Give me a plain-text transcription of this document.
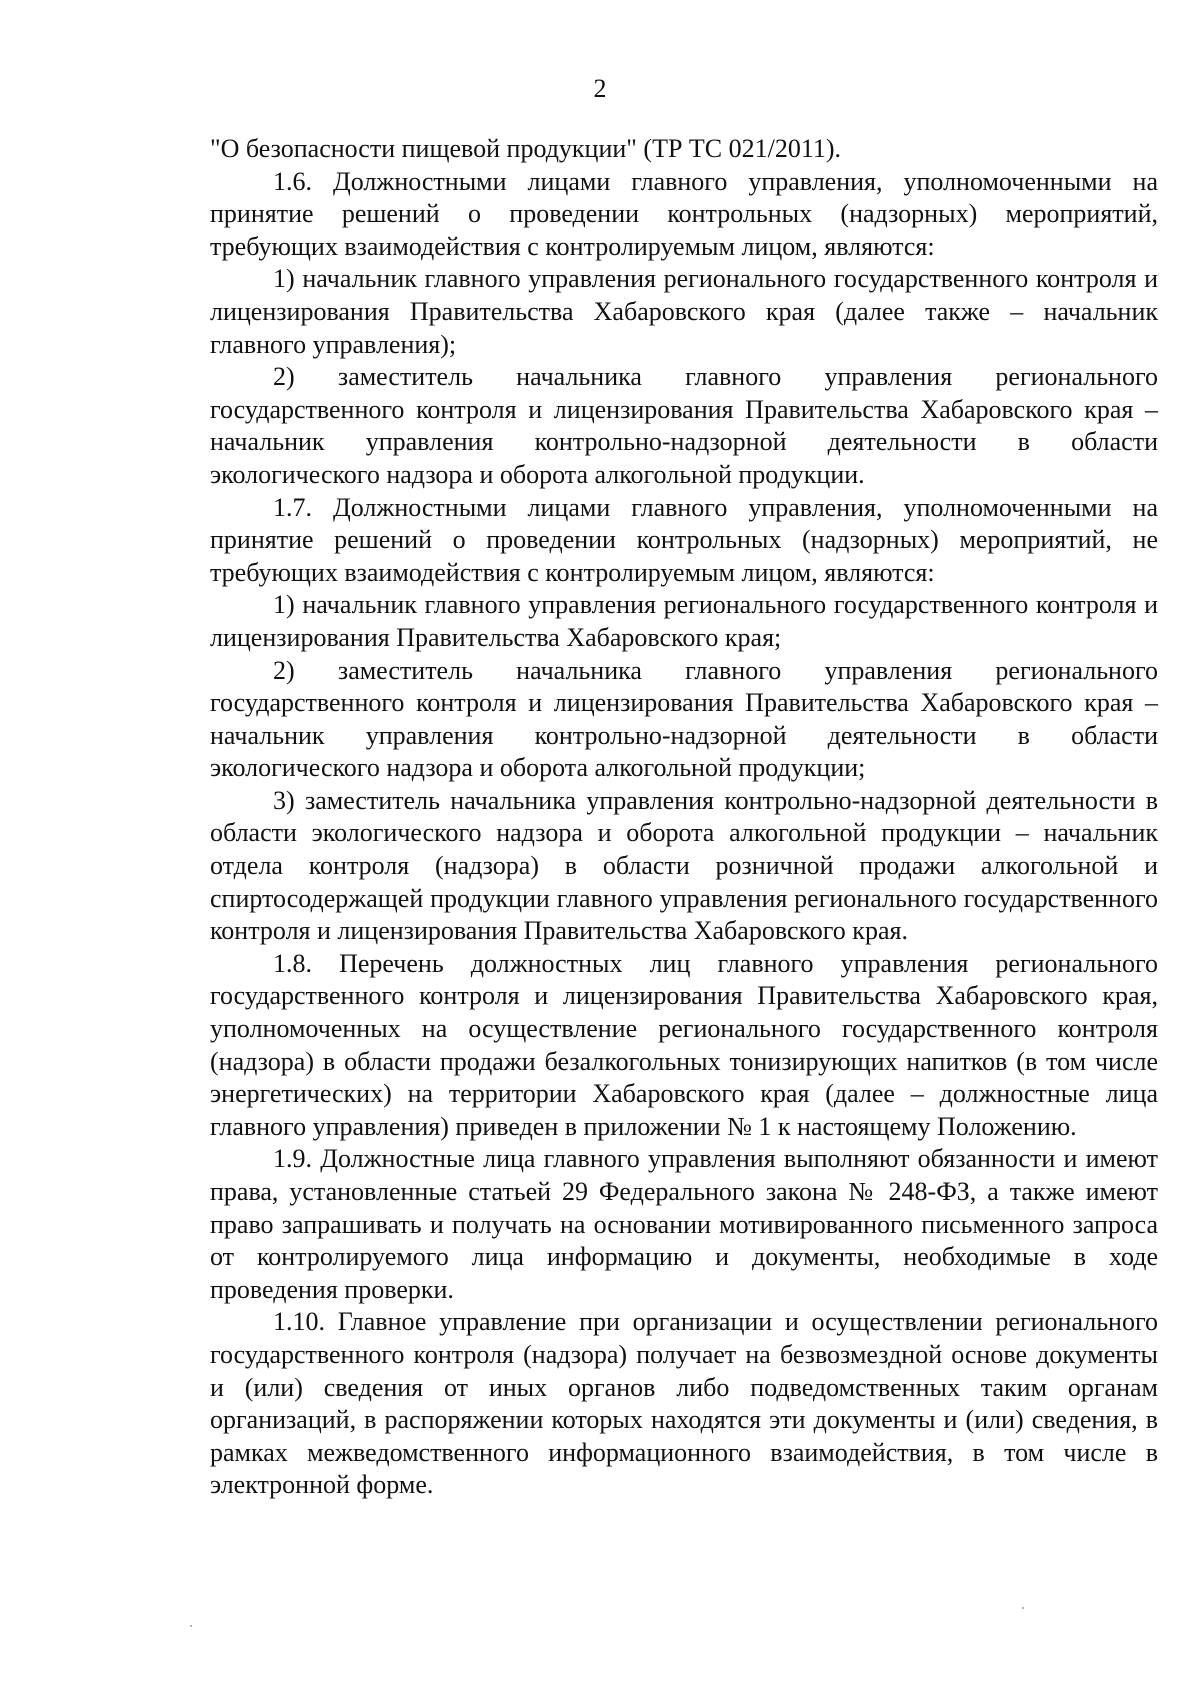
2

"О безопасности пищевой продукции" (ТР ТС 021/2011).

1.6. Должностными лицами главного управления, уполномоченными на принятие решений о проведении контрольных (надзорных) мероприятий, требующих взаимодействия с контролируемым лицом, являются:

1) начальник главного управления регионального государственного контроля и лицензирования Правительства Хабаровского края (далее также – начальник главного управления);

2) заместитель начальника главного управления регионального государственного контроля и лицензирования Правительства Хабаровского края – начальник управления контрольно-надзорной деятельности в области экологического надзора и оборота алкогольной продукции.

1.7. Должностными лицами главного управления, уполномоченными на принятие решений о проведении контрольных (надзорных) мероприятий, не требующих взаимодействия с контролируемым лицом, являются:

1) начальник главного управления регионального государственного контроля и лицензирования Правительства Хабаровского края;

2) заместитель начальника главного управления регионального государственного контроля и лицензирования Правительства Хабаровского края – начальник управления контрольно-надзорной деятельности в области экологического надзора и оборота алкогольной продукции;

3) заместитель начальника управления контрольно-надзорной деятельности в области экологического надзора и оборота алкогольной продукции – начальник отдела контроля (надзора) в области розничной продажи алкогольной и спиртосодержащей продукции главного управления регионального государственного контроля и лицензирования Правительства Хабаровского края.

1.8. Перечень должностных лиц главного управления регионального государственного контроля и лицензирования Правительства Хабаровского края, уполномоченных на осуществление регионального государственного контроля (надзора) в области продажи безалкогольных тонизирующих напитков (в том числе энергетических) на территории Хабаровского края (далее – должностные лица главного управления) приведен в приложении № 1 к настоящему Положению.

1.9. Должностные лица главного управления выполняют обязанности и имеют права, установленные статьей 29 Федерального закона № 248-ФЗ, а также имеют право запрашивать и получать на основании мотивированного письменного запроса от контролируемого лица информацию и документы, необходимые в ходе проведения проверки.

1.10. Главное управление при организации и осуществлении регионального государственного контроля (надзора) получает на безвозмездной основе документы и (или) сведения от иных органов либо подведомственных таким органам организаций, в распоряжении которых находятся эти документы и (или) сведения, в рамках межведомственного информационного взаимодействия, в том числе в электронной форме.
